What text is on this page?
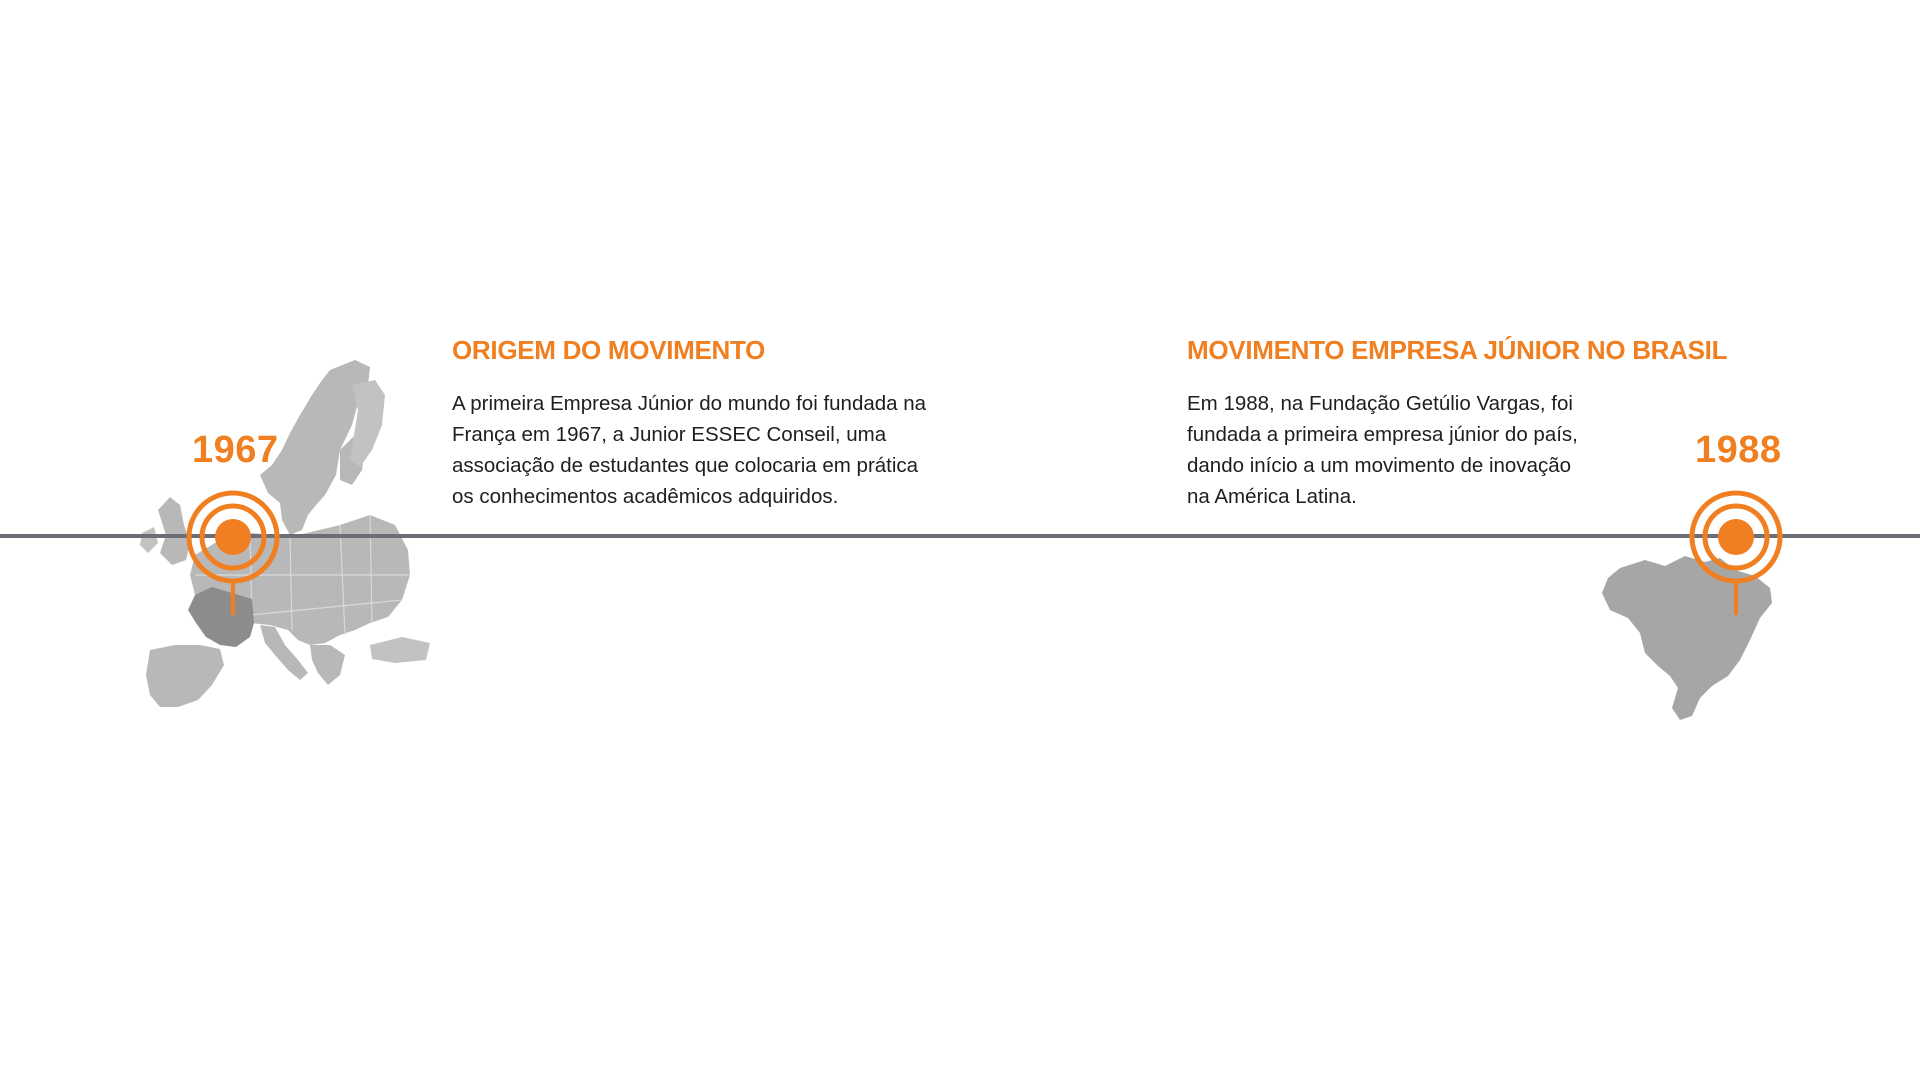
1967	1988
ORIGEM DO MOVIMENTO

A primeira Empresa Júnior do mundo foi fundada na
França em 1967, a Junior ESSEC Conseil, uma
associação de estudantes que colocaria em prática
os conhecimentos acadêmicos adquiridos.

MOVIMENTO EMPRESA JÚNIOR NO BRASIL

Em 1988, na Fundação Getúlio Vargas, foi
fundada a primeira empresa júnior do país,
dando início a um movimento de inovação
na América Latina.
